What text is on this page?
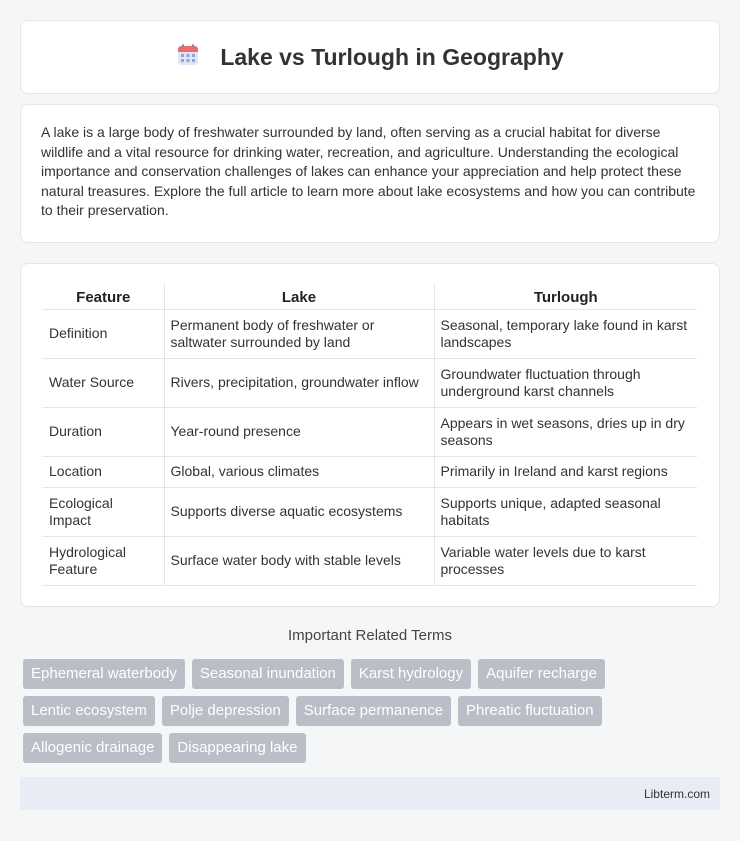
Lake vs Turlough in Geography

A lake is a large body of freshwater surrounded by land, often serving as a crucial habitat for diverse wildlife and a vital resource for drinking water, recreation, and agriculture. Understanding the ecological importance and conservation challenges of lakes can enhance your appreciation and help protect these natural treasures. Explore the full article to learn more about lake ecosystems and how you can contribute to their preservation.

Feature	Lake	Turlough
Definition	Permanent body of freshwater or saltwater surrounded by land	Seasonal, temporary lake found in karst landscapes
Water Source	Rivers, precipitation, groundwater inflow	Groundwater fluctuation through underground karst channels
Duration	Year-round presence	Appears in wet seasons, dries up in dry seasons
Location	Global, various climates	Primarily in Ireland and karst regions
Ecological Impact	Supports diverse aquatic ecosystems	Supports unique, adapted seasonal habitats
Hydrological Feature	Surface water body with stable levels	Variable water levels due to karst processes
Important Related Terms
Ephemeral waterbody	Seasonal inundation	Karst hydrology	Aquifer recharge
Lentic ecosystem	Polje depression	Surface permanence	Phreatic fluctuation
Allogenic drainage	Disappearing lake
Libterm.com
